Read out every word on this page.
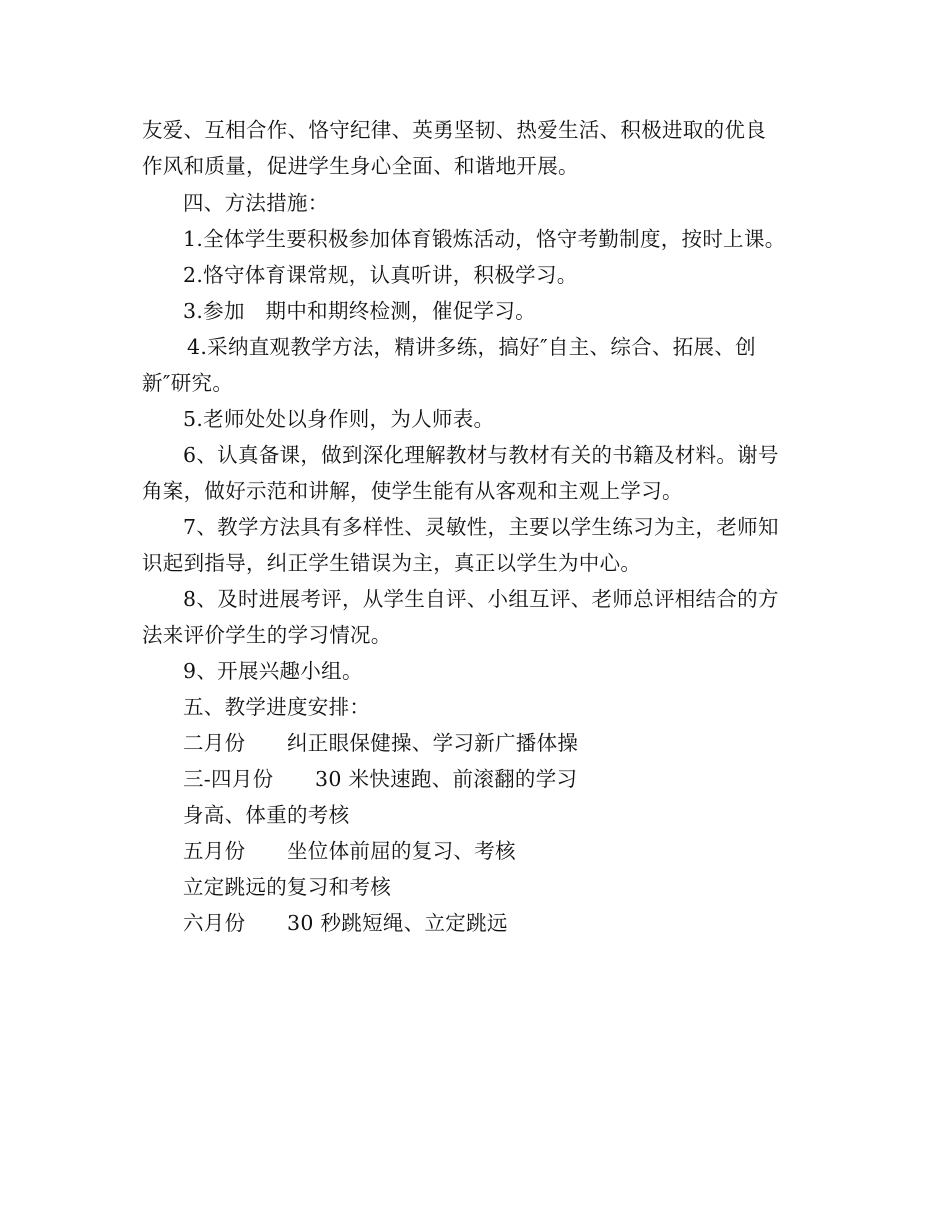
友爱、互相合作、恪守纪律、英勇坚韧、热爱生活、积极进取的优良
作风和质量，促进学生身心全面、和谐地开展。
四、方法措施：
1.全体学生要积极参加体育锻炼活动，恪守考勤制度，按时上课。
2.恪守体育课常规，认真听讲，积极学习。
3.参加　期中和期终检测，催促学习。
4.采纳直观教学方法，精讲多练，搞好″自主、综合、拓展、创
新″研究。
5.老师处处以身作则，为人师表。
6、认真备课，做到深化理解教材与教材有关的书籍及材料。谢号
角案，做好示范和讲解，使学生能有从客观和主观上学习。
7、教学方法具有多样性、灵敏性，主要以学生练习为主，老师知
识起到指导，纠正学生错误为主，真正以学生为中心。
8、及时进展考评，从学生自评、小组互评、老师总评相结合的方
法来评价学生的学习情况。
9、开展兴趣小组。
五、教学进度安排：
二月份　　纠正眼保健操、学习新广播体操
三-四月份　　30 米快速跑、前滚翻的学习
身高、体重的考核
五月份　　坐位体前屈的复习、考核
立定跳远的复习和考核
六月份　　30 秒跳短绳、立定跳远
